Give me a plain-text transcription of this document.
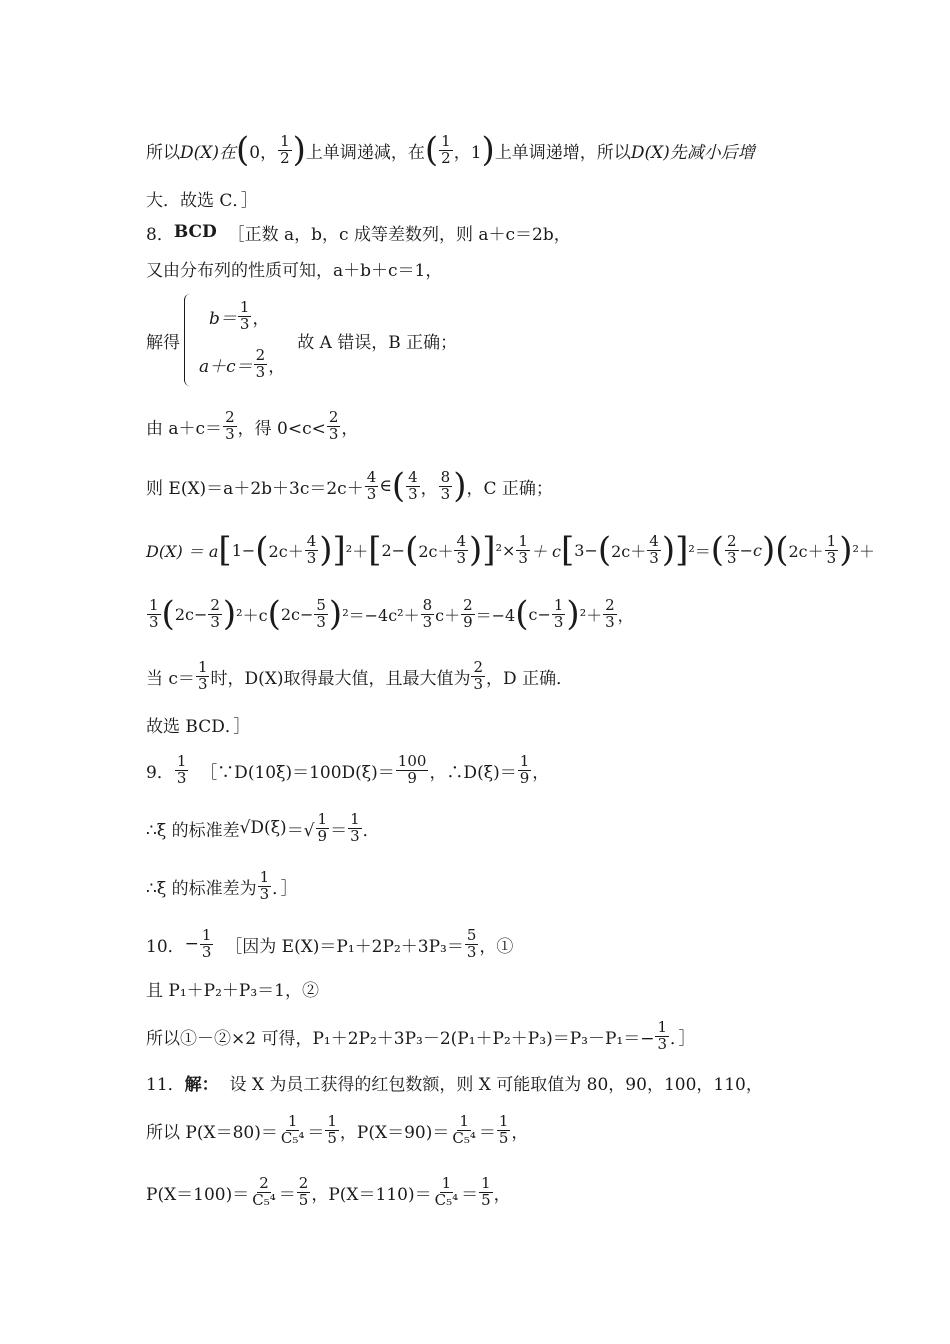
所以 D(X)在 ( 0，
1
2 ) 上单调递减，在 ( 1
2 ，1 ) 上单调递增，所以 D(X)先减小后增
大．故选 C．］
8． BCD
［正数 a，b，c 成等差数列，则 a＋c＝2b，
又由分布列的性质可知，a＋b＋c＝1，
解得
b＝
1
3 ，
a＋c＝
2
3 ，
故 A 错误，B 正确；
由 a＋c＝
2
3 ，得 0<c<
2
3 ，
则 E(X)＝a＋2b＋3c＝2c＋
4
3 ∈ ( 4
3 ，
8
3 ) ，C 正确；
D(X) ＝ a [ 1− ( 2c＋
4
3 ) ] ²＋ [ 2− ( 2c＋
4
3 ) ] $^2\times \frac{1}{3} + c$ [ 3− ( 2c＋
4
3 ) ] ²＝ ( 2
3 −c ) ( 2c＋
1
3 ) ²＋
1
3 ( $2c- \frac{2}{3}$ ) ²＋c ( $2c- \frac{5}{3}$ ) ²＝−4c²＋
8
3 c＋
2
9 ＝−4 ( $c- \frac{1}{3}$ ) ²＋
2
3 ，
当 c＝
1
3 时，D(X)取得最大值，且最大值为
2
3 ，D 正确．
故选 BCD．］
9．
1
3
［∵D(10ξ)＝100D(ξ)＝
100
9 ，∴D(ξ)＝
1
9 ，
∴ξ 的标准差 √D(ξ) ＝√
1
9 ＝
1
3 ．
∴ξ 的标准差为
1
3 ．］
10． − $\frac{1}{3}$
［因为 E(X)＝P₁＋2P₂＋3P₃＝
5
3 ，①
且 P₁＋P₂＋P₃＝1，②
所以①－②×2 可得，$P_1+2P_2+3P_3-2(P_1+P_2+P_3)=P_3-P_1=- \frac{1}{3}$ ．］
11． 解：
设 X 为员工获得的红包数额，则 X 可能取值为 80，90，100，110，
所以 P(X＝80)＝
1
C₅⁴ ＝
1
5 ，P(X＝90)＝
1
C₅⁴ ＝
1
5 ，
P(X＝100)＝
2
C₅⁴ ＝
2
5 ，P(X＝110)＝
1
C₅⁴ ＝
1
5 ，
